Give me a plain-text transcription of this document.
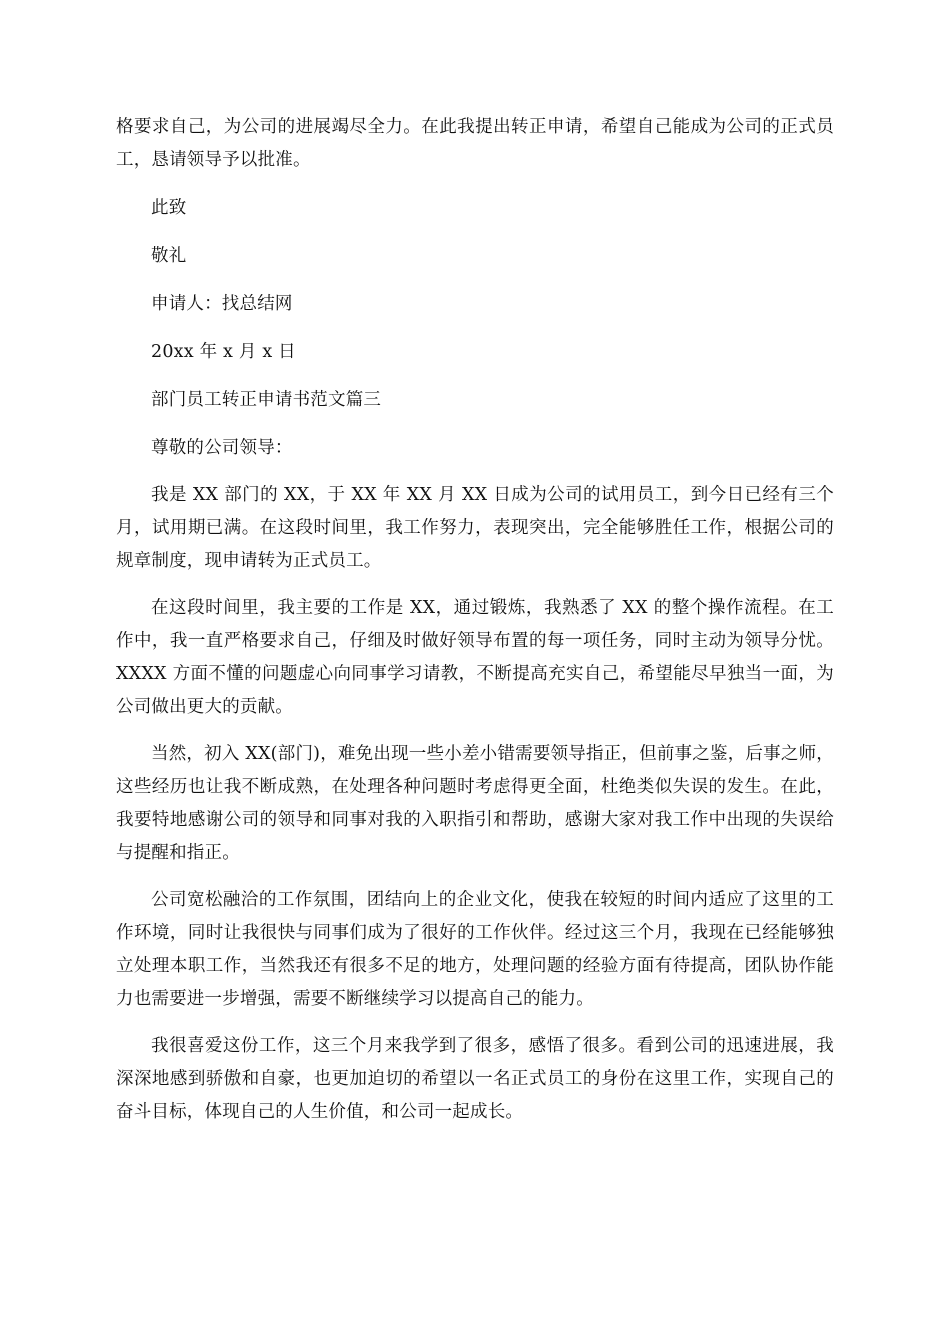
格要求自己，为公司的进展竭尽全力。在此我提出转正申请，希望自己能成为公司的正式员工，恳请领导予以批准。

此致

敬礼

申请人：找总结网

20xx 年 x 月 x 日

部门员工转正申请书范文篇三

尊敬的公司领导：

我是 XX 部门的 XX，于 XX 年 XX 月 XX 日成为公司的试用员工，到今日已经有三个月，试用期已满。在这段时间里，我工作努力，表现突出，完全能够胜任工作，根据公司的规章制度，现申请转为正式员工。

在这段时间里，我主要的工作是 XX，通过锻炼，我熟悉了 XX 的整个操作流程。在工作中，我一直严格要求自己，仔细及时做好领导布置的每一项任务，同时主动为领导分忧。XXXX 方面不懂的问题虚心向同事学习请教，不断提高充实自己，希望能尽早独当一面，为公司做出更大的贡献。

当然，初入 XX(部门)，难免出现一些小差小错需要领导指正，但前事之鉴，后事之师，这些经历也让我不断成熟，在处理各种问题时考虑得更全面，杜绝类似失误的发生。在此，我要特地感谢公司的领导和同事对我的入职指引和帮助，感谢大家对我工作中出现的失误给与提醒和指正。

公司宽松融洽的工作氛围，团结向上的企业文化，使我在较短的时间内适应了这里的工作环境，同时让我很快与同事们成为了很好的工作伙伴。经过这三个月，我现在已经能够独立处理本职工作，当然我还有很多不足的地方，处理问题的经验方面有待提高，团队协作能力也需要进一步增强，需要不断继续学习以提高自己的能力。

我很喜爱这份工作，这三个月来我学到了很多，感悟了很多。看到公司的迅速进展，我深深地感到骄傲和自豪，也更加迫切的希望以一名正式员工的身份在这里工作，实现自己的奋斗目标，体现自己的人生价值，和公司一起成长。
